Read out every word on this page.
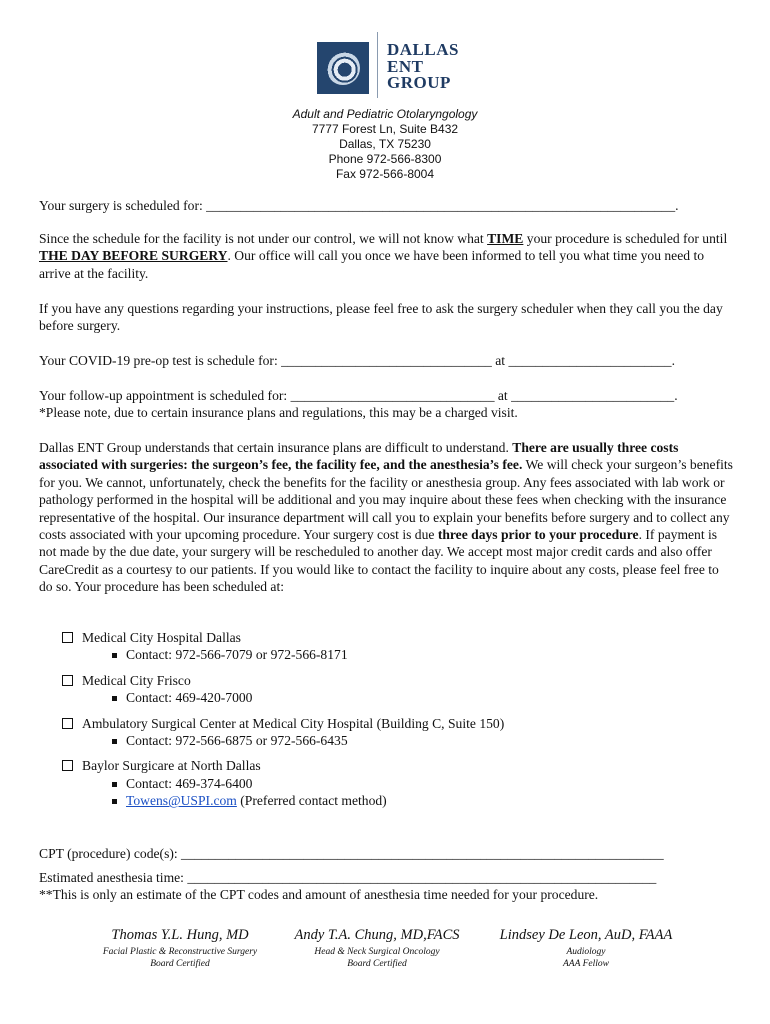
DALLAS
ENT
GROUP
Adult and Pediatric Otolaryngology
7777 Forest Ln, Suite B432
Dallas, TX 75230
Phone 972-566-8300
Fax 972-566-8004
Your surgery is scheduled for: _____________________________________________________________________.
Since the schedule for the facility is not under our control, we will not know what TIME your procedure is scheduled for until THE DAY BEFORE SURGERY. Our office will call you once we have been informed to tell you what time you need to arrive at the facility.
If you have any questions regarding your instructions, please feel free to ask the surgery scheduler when they call you the day before surgery.
Your COVID-19 pre-op test is schedule for: _______________________________ at ________________________.
Your follow-up appointment is scheduled for: ______________________________ at ________________________.
*Please note, due to certain insurance plans and regulations, this may be a charged visit.
Dallas ENT Group understands that certain insurance plans are difficult to understand. There are usually three costs associated with surgeries: the surgeon’s fee, the facility fee, and the anesthesia’s fee. We will check your surgeon’s benefits for you. We cannot, unfortunately, check the benefits for the facility or anesthesia group. Any fees associated with lab work or pathology performed in the hospital will be additional and you may inquire about these fees when checking with the insurance representative of the hospital. Our insurance department will call you to explain your benefits before surgery and to collect any costs associated with your upcoming procedure. Your surgery cost is due three days prior to your procedure. If payment is not made by the due date, your surgery will be rescheduled to another day. We accept most major credit cards and also offer CareCredit as a courtesy to our patients. If you would like to contact the facility to inquire about any costs, please feel free to do so. Your procedure has been scheduled at:
Medical City Hospital Dallas
Contact: 972-566-7079 or 972-566-8171
Medical City Frisco
Contact: 469-420-7000
Ambulatory Surgical Center at Medical City Hospital (Building C, Suite 150)
Contact: 972-566-6875 or 972-566-6435
Baylor Surgicare at North Dallas
Contact: 469-374-6400
Towens@USPI.com (Preferred contact method)
CPT (procedure) code(s): _______________________________________________________________________
Estimated anesthesia time: _____________________________________________________________________
**This is only an estimate of the CPT codes and amount of anesthesia time needed for your procedure.
Thomas Y.L. Hung, MD
Facial Plastic & Reconstructive Surgery
Board Certified
Andy T.A. Chung, MD,FACS
Head & Neck Surgical Oncology
Board Certified
Lindsey De Leon, AuD, FAAA
Audiology
AAA Fellow
